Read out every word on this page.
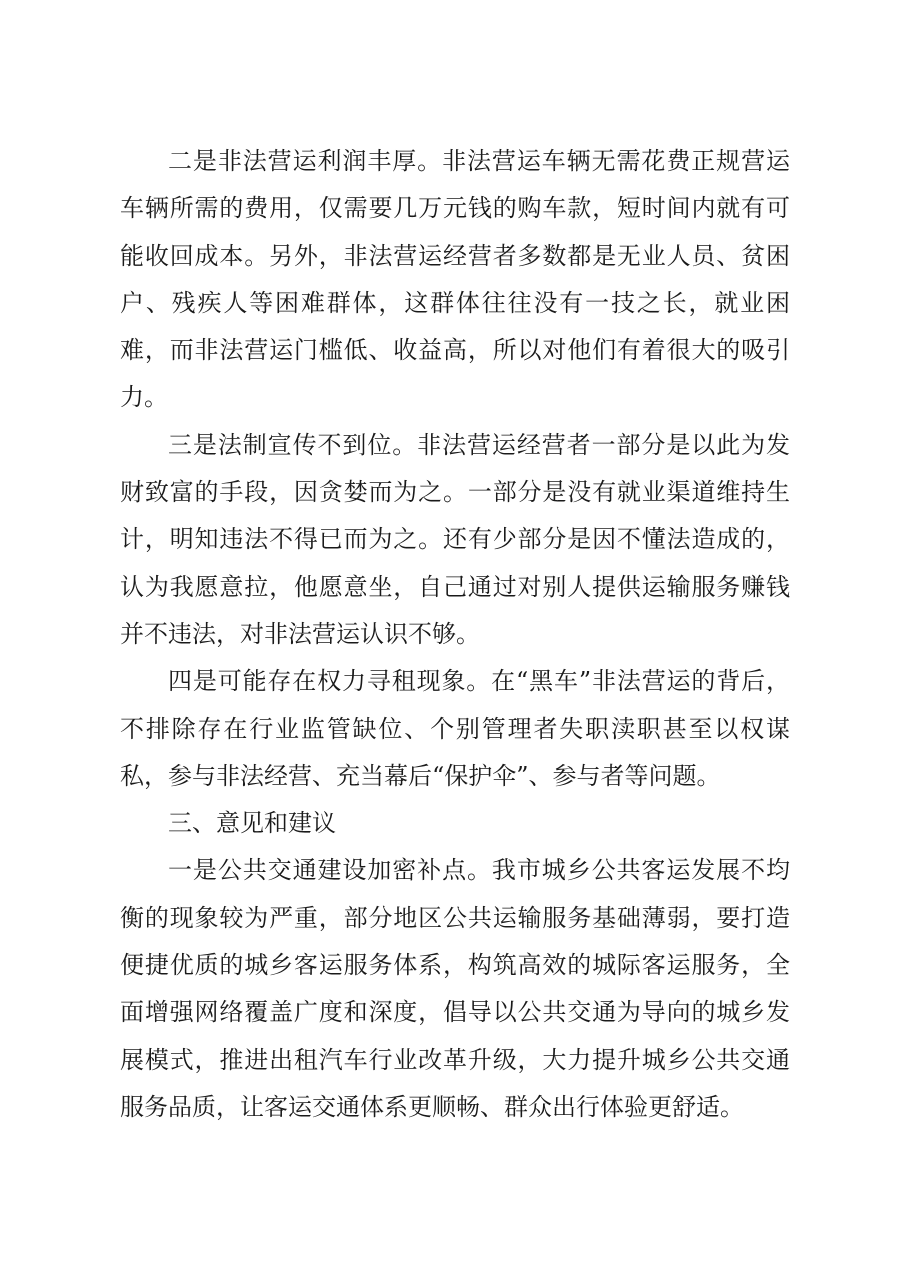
二是非法营运利润丰厚。非法营运车辆无需花费正规营运车辆所需的费用，仅需要几万元钱的购车款，短时间内就有可能收回成本。另外，非法营运经营者多数都是无业人员、贫困户、残疾人等困难群体，这群体往往没有一技之长，就业困难，而非法营运门槛低、收益高，所以对他们有着很大的吸引力。

三是法制宣传不到位。非法营运经营者一部分是以此为发财致富的手段，因贪婪而为之。一部分是没有就业渠道维持生计，明知违法不得已而为之。还有少部分是因不懂法造成的，认为我愿意拉，他愿意坐，自己通过对别人提供运输服务赚钱并不违法，对非法营运认识不够。

四是可能存在权力寻租现象。在“黑车”非法营运的背后，不排除存在行业监管缺位、个别管理者失职渎职甚至以权谋私，参与非法经营、充当幕后“保护伞”、参与者等问题。

三、意见和建议

一是公共交通建设加密补点。我市城乡公共客运发展不均衡的现象较为严重，部分地区公共运输服务基础薄弱，要打造便捷优质的城乡客运服务体系，构筑高效的城际客运服务，全面增强网络覆盖广度和深度，倡导以公共交通为导向的城乡发展模式，推进出租汽车行业改革升级，大力提升城乡公共交通服务品质，让客运交通体系更顺畅、群众出行体验更舒适。
